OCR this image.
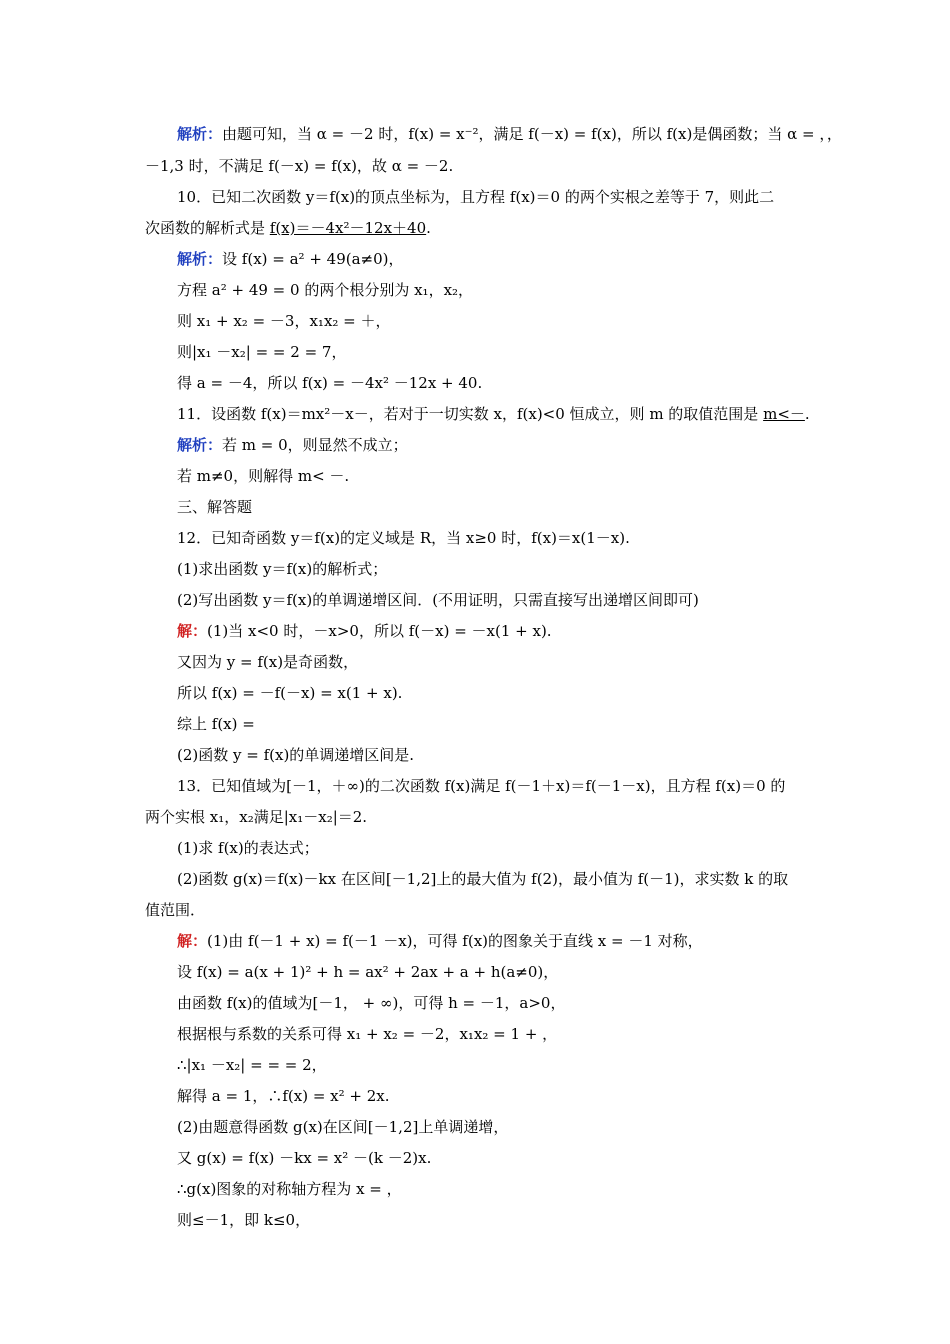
解析：由题可知，当 α = －2 时，f(x) = x⁻²，满足 f(－x) = f(x)，所以 f(x)是偶函数；当 α = ，，
－1,3 时，不满足 f(－x) = f(x)，故 α = －2.
10．已知二次函数 y＝f(x)的顶点坐标为，且方程 f(x)＝0 的两个实根之差等于 7，则此二
次函数的解析式是 f(x)＝－4x²－12x＋40.
解析：设 f(x) = a² + 49(a≠0)，
方程 a² + 49 = 0 的两个根分别为 x₁，x₂，
则 x₁ + x₂ = －3，x₁x₂ = ＋，
则|x₁ －x₂| = = 2 = 7，
得 a = －4，所以 f(x) = －4x² －12x + 40.
11．设函数 f(x)＝mx²－x－，若对于一切实数 x，f(x)<0 恒成立，则 m 的取值范围是 m<－.
解析：若 m = 0，则显然不成立；
若 m≠0，则解得 m< －.
三、解答题
12．已知奇函数 y＝f(x)的定义域是 R，当 x≥0 时，f(x)＝x(1－x).
(1)求出函数 y＝f(x)的解析式；
(2)写出函数 y＝f(x)的单调递增区间．(不用证明，只需直接写出递增区间即可)
解：(1)当 x<0 时，－x>0，所以 f(－x) = －x(1 + x).
又因为 y = f(x)是奇函数，
所以 f(x) = －f(－x) = x(1 + x).
综上 f(x) =
(2)函数 y = f(x)的单调递增区间是.
13．已知值域为[－1，＋∞)的二次函数 f(x)满足 f(－1＋x)＝f(－1－x)，且方程 f(x)＝0 的
两个实根 x₁，x₂满足|x₁－x₂|＝2.
(1)求 f(x)的表达式；
(2)函数 g(x)＝f(x)－kx 在区间[－1,2]上的最大值为 f(2)，最小值为 f(－1)，求实数 k 的取
值范围．
解：(1)由 f(－1 + x) = f(－1 －x)，可得 f(x)的图象关于直线 x = －1 对称，
设 f(x) = a(x + 1)² + h = ax² + 2ax + a + h(a≠0)，
由函数 f(x)的值域为[－1， + ∞)，可得 h = －1，a>0，
根据根与系数的关系可得 x₁ + x₂ = －2，x₁x₂ = 1 + ，
∴|x₁ －x₂| = = = 2，
解得 a = 1，∴f(x) = x² + 2x.
(2)由题意得函数 g(x)在区间[－1,2]上单调递增，
又 g(x) = f(x) －kx = x² －(k －2)x.
∴g(x)图象的对称轴方程为 x = ，
则≤－1，即 k≤0，
